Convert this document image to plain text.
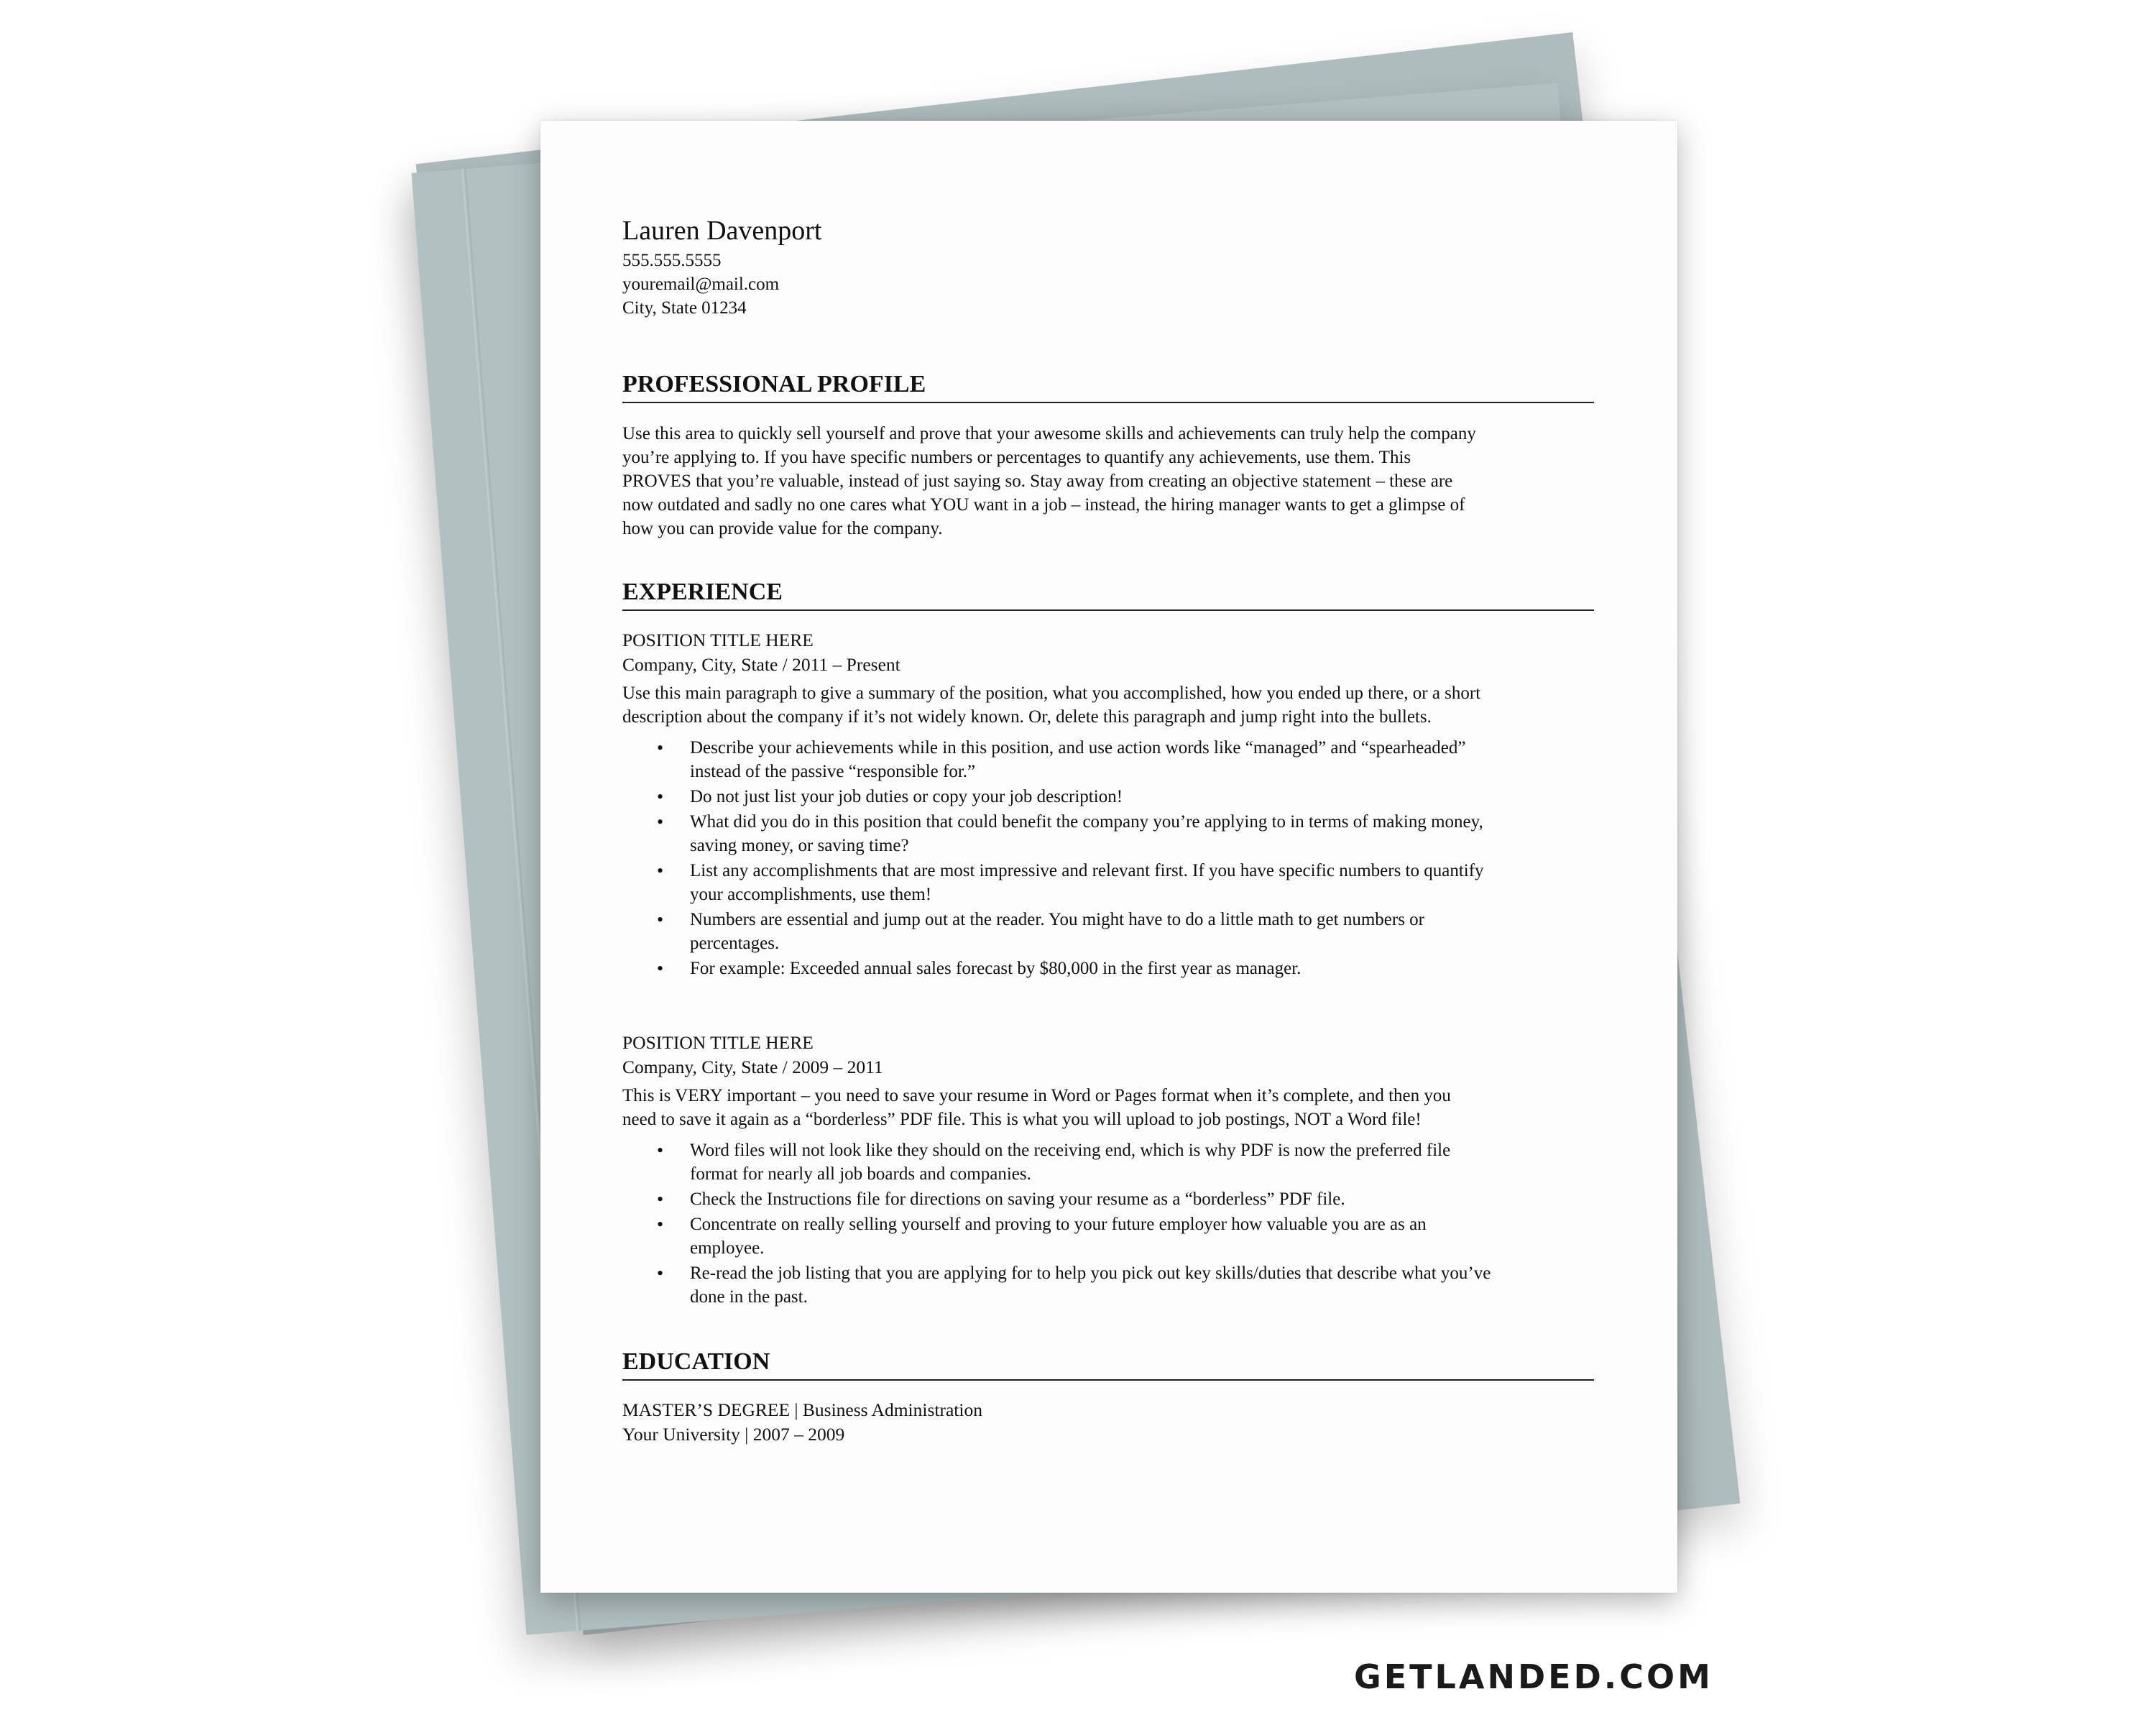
Lauren Davenport

555.555.5555

youremail@mail.com

City, State 01234

PROFESSIONAL PROFILE

Use this area to quickly sell yourself and prove that your awesome skills and achievements can truly help the company

you’re applying to. If you have specific numbers or percentages to quantify any achievements, use them. This

PROVES that you’re valuable, instead of just saying so. Stay away from creating an objective statement – these are

now outdated and sadly no one cares what YOU want in a job – instead, the hiring manager wants to get a glimpse of

how you can provide value for the company.

EXPERIENCE

POSITION TITLE HERE

Company, City, State / 2011 – Present

Use this main paragraph to give a summary of the position, what you accomplished, how you ended up there, or a short

description about the company if it’s not widely known. Or, delete this paragraph and jump right into the bullets.

• Describe your achievements while in this position, and use action words like “managed” and “spearheaded”
instead of the passive “responsible for.”
• Do not just list your job duties or copy your job description!
• What did you do in this position that could benefit the company you’re applying to in terms of making money,
saving money, or saving time?
• List any accomplishments that are most impressive and relevant first. If you have specific numbers to quantify
your accomplishments, use them!
• Numbers are essential and jump out at the reader. You might have to do a little math to get numbers or
percentages.
• For example: Exceeded annual sales forecast by $80,000 in the first year as manager.

POSITION TITLE HERE

Company, City, State / 2009 – 2011

This is VERY important – you need to save your resume in Word or Pages format when it’s complete, and then you

need to save it again as a “borderless” PDF file. This is what you will upload to job postings, NOT a Word file!

• Word files will not look like they should on the receiving end, which is why PDF is now the preferred file
format for nearly all job boards and companies.
• Check the Instructions file for directions on saving your resume as a “borderless” PDF file.
• Concentrate on really selling yourself and proving to your future employer how valuable you are as an
employee.
• Re-read the job listing that you are applying for to help you pick out key skills/duties that describe what you’ve
done in the past.
EDUCATION

MASTER’S DEGREE | Business Administration

Your University | 2007 – 2009

GETLANDED.COM
